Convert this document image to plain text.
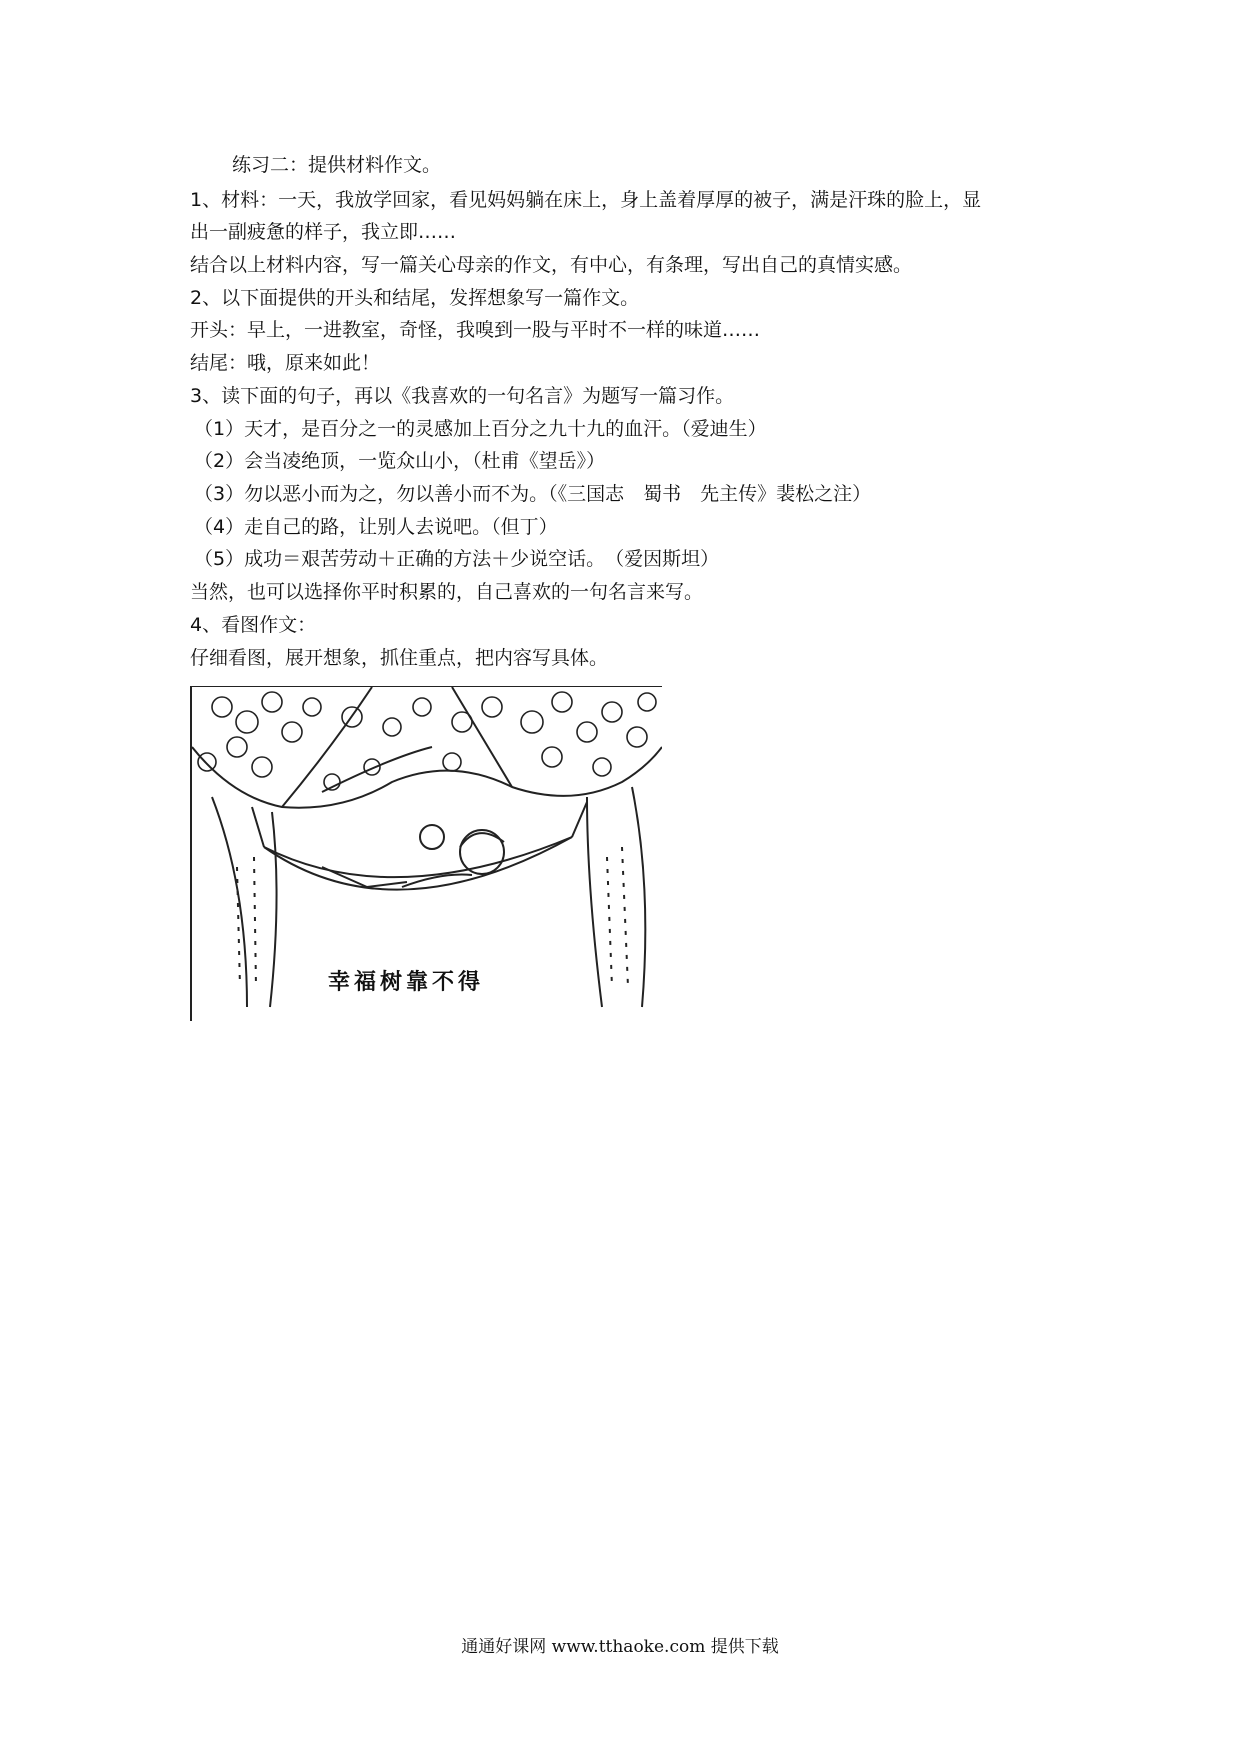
练习二：提供材料作文。
1、材料：一天，我放学回家，看见妈妈躺在床上，身上盖着厚厚的被子，满是汗珠的脸上，显
出一副疲惫的样子，我立即……
结合以上材料内容，写一篇关心母亲的作文，有中心，有条理，写出自己的真情实感。
2、以下面提供的开头和结尾，发挥想象写一篇作文。
开头：早上，一进教室，奇怪，我嗅到一股与平时不一样的味道……
结尾：哦，原来如此！
3、读下面的句子，再以《我喜欢的一句名言》为题写一篇习作。
（1）天才，是百分之一的灵感加上百分之九十九的血汗。（爱迪生）
（2）会当凌绝顶，一览众山小，（杜甫《望岳》）
（3）勿以恶小而为之，勿以善小而不为。（《三国志　蜀书　先主传》裴松之注）
（4）走自己的路，让别人去说吧。（但丁）
（5）成功＝艰苦劳动＋正确的方法＋少说空话。　（爱因斯坦）
当然，也可以选择你平时积累的，自己喜欢的一句名言来写。
4、看图作文：
仔细看图，展开想象，抓住重点，把内容写具体。
幸福树靠不得
通通好课网 www.tthaoke.com 提供下载
